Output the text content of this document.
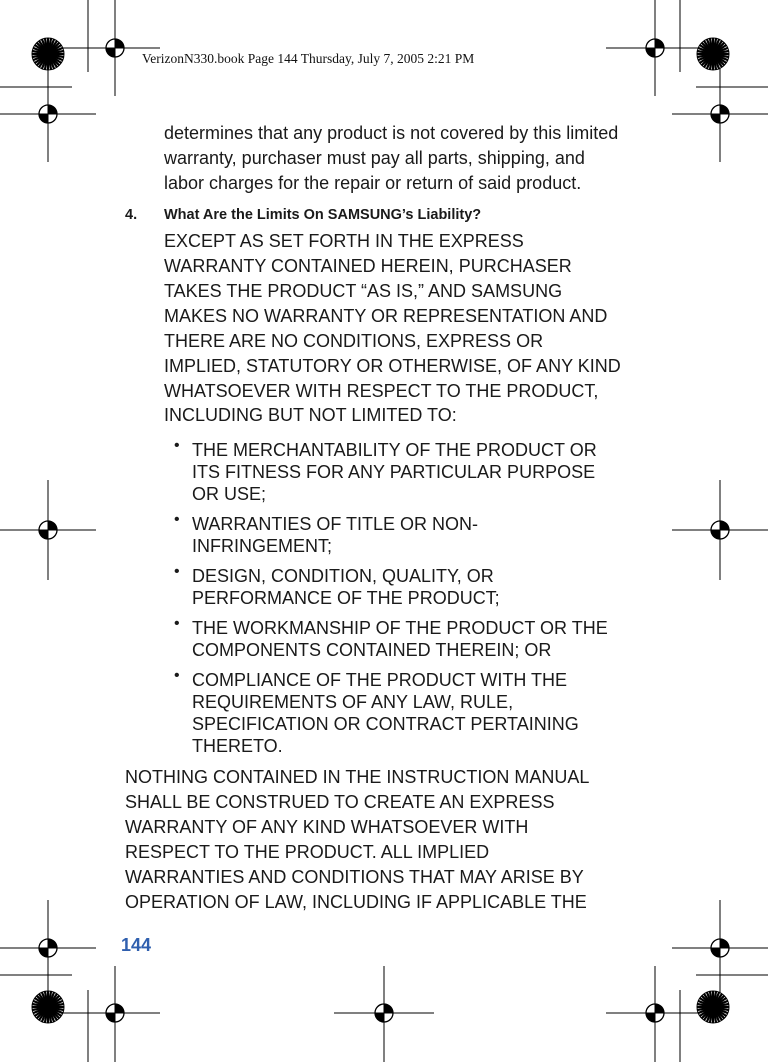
VerizonN330.book Page 144 Thursday, July 7, 2005 2:21 PM
determines that any product is not covered by this limited
warranty, purchaser must pay all parts, shipping, and
labor charges for the repair or return of said product.
4. What Are the Limits On SAMSUNG’s Liability?
EXCEPT AS SET FORTH IN THE EXPRESS
WARRANTY CONTAINED HEREIN, PURCHASER
TAKES THE PRODUCT “AS IS,” AND SAMSUNG
MAKES NO WARRANTY OR REPRESENTATION AND
THERE ARE NO CONDITIONS, EXPRESS OR
IMPLIED, STATUTORY OR OTHERWISE, OF ANY KIND
WHATSOEVER WITH RESPECT TO THE PRODUCT,
INCLUDING BUT NOT LIMITED TO:
• THE MERCHANTABILITY OF THE PRODUCT OR
ITS FITNESS FOR ANY PARTICULAR PURPOSE
OR USE;
• WARRANTIES OF TITLE OR NON-
INFRINGEMENT;
• DESIGN, CONDITION, QUALITY, OR
PERFORMANCE OF THE PRODUCT;
• THE WORKMANSHIP OF THE PRODUCT OR THE
COMPONENTS CONTAINED THEREIN; OR
• COMPLIANCE OF THE PRODUCT WITH THE
REQUIREMENTS OF ANY LAW, RULE,
SPECIFICATION OR CONTRACT PERTAINING
THERETO.
NOTHING CONTAINED IN THE INSTRUCTION MANUAL
SHALL BE CONSTRUED TO CREATE AN EXPRESS
WARRANTY OF ANY KIND WHATSOEVER WITH
RESPECT TO THE PRODUCT. ALL IMPLIED
WARRANTIES AND CONDITIONS THAT MAY ARISE BY
OPERATION OF LAW, INCLUDING IF APPLICABLE THE
144
